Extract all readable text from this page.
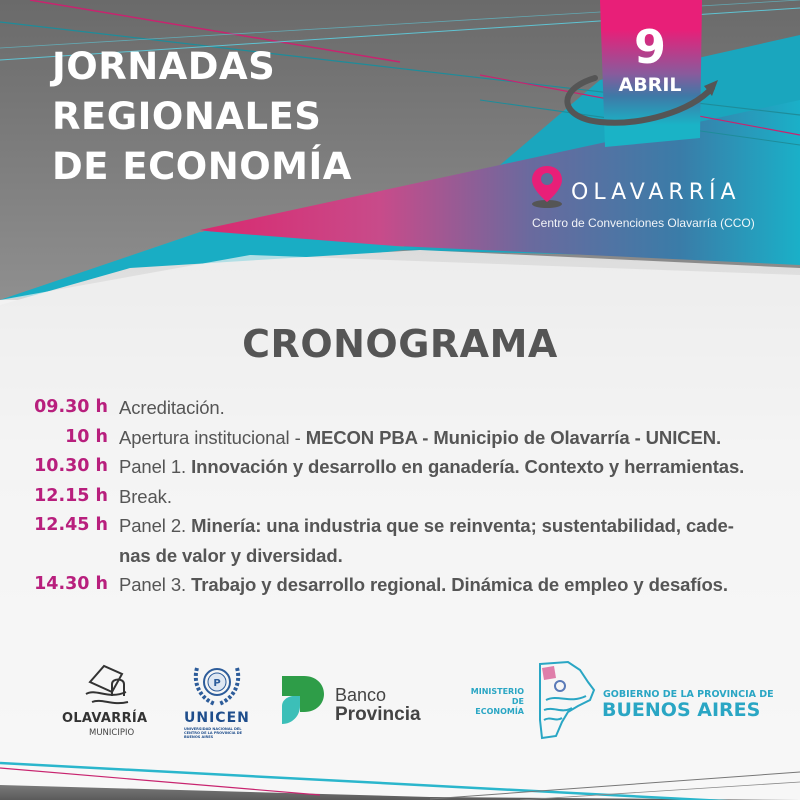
JORNADAS
REGIONALES
DE ECONOMÍA
9
ABRIL
OLAVARRÍA
Centro de Convenciones Olavarría (CCO)
CRONOGRAMA
09.30 h Acreditación.
10 h Apertura institucional - MECON PBA - Municipio de Olavarría - UNICEN.
10.30 h Panel 1. Innovación y desarrollo en ganadería. Contexto y herramientas.
12.15 h Break.
12.45 h Panel 2. Minería: una industria que se reinventa; sustentabilidad, cade-
nas de valor y diversidad.
14.30 h Panel 3. Trabajo y desarrollo regional. Dinámica de empleo y desafíos.
OLAVARRÍA
MUNICIPIO
P
UNICEN
UNIVERSIDAD NACIONAL DEL CENTRO DE LA PROVINCIA DE BUENOS AIRES
Banco
Provincia
MINISTERIO DE
ECONOMÍA
GOBIERNO DE LA PROVINCIA DE
BUENOS AIRES
